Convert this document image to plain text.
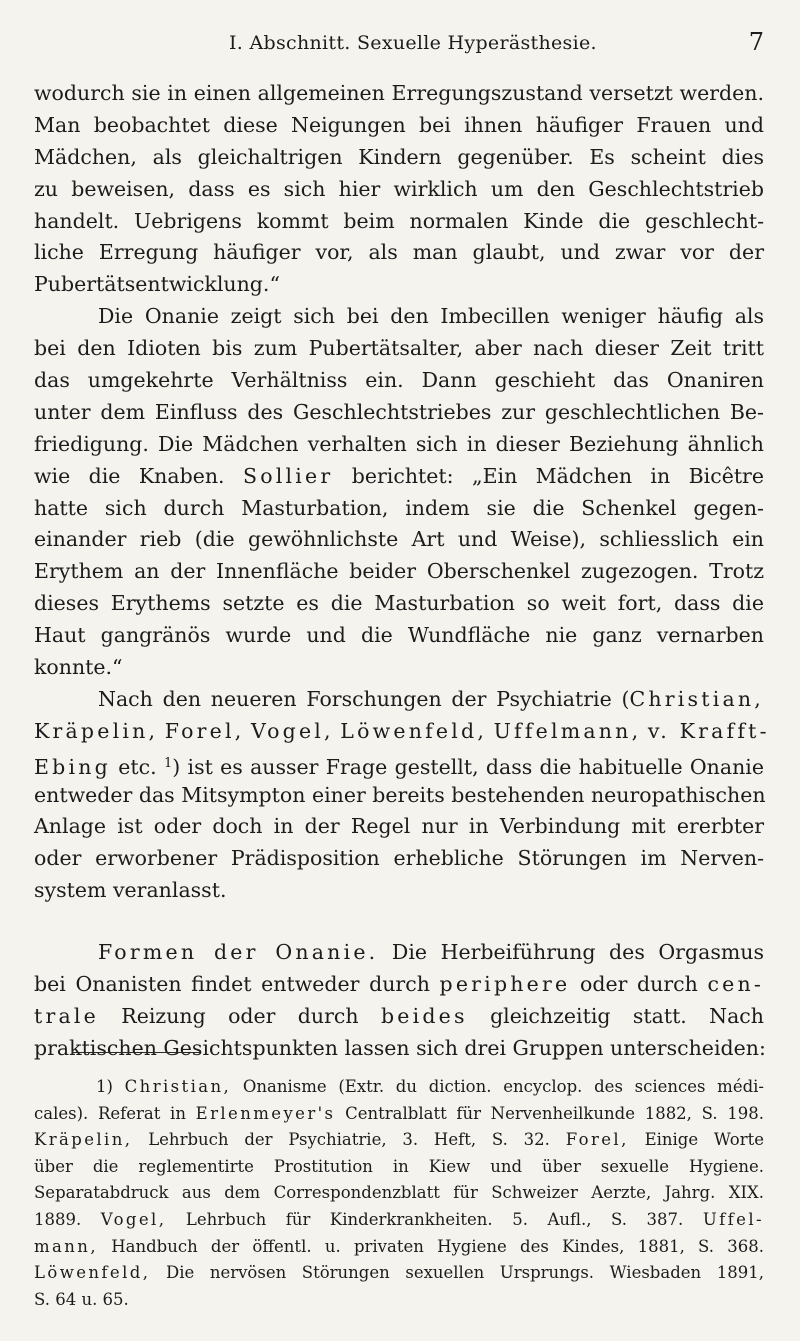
I. Abschnitt. Sexuelle Hyperästhesie.	7
wodurch sie in einen allgemeinen Erregungszustand versetzt werden.
Man beobachtet diese Neigungen bei ihnen häufiger Frauen und
Mädchen, als gleichaltrigen Kindern gegenüber. Es scheint dies
zu beweisen, dass es sich hier wirklich um den Geschlechtstrieb
handelt. Uebrigens kommt beim normalen Kinde die geschlecht-
liche Erregung häufiger vor, als man glaubt, und zwar vor der
Pubertätsentwicklung.“
Die Onanie zeigt sich bei den Imbecillen weniger häufig als
bei den Idioten bis zum Pubertätsalter, aber nach dieser Zeit tritt
das umgekehrte Verhältniss ein. Dann geschieht das Onaniren
unter dem Einfluss des Geschlechtstriebes zur geschlechtlichen Be-
friedigung. Die Mädchen verhalten sich in dieser Beziehung ähnlich
wie die Knaben. Sollier berichtet: „Ein Mädchen in Bicêtre
hatte sich durch Masturbation, indem sie die Schenkel gegen-
einander rieb (die gewöhnlichste Art und Weise), schliesslich ein
Erythem an der Innenfläche beider Oberschenkel zugezogen. Trotz
dieses Erythems setzte es die Masturbation so weit fort, dass die
Haut gangränös wurde und die Wundfläche nie ganz vernarben
konnte.“
Nach den neueren Forschungen der Psychiatrie (Christian,
Kräpelin, Forel, Vogel, Löwenfeld, Uffelmann, v. Krafft-
Ebing etc. $^1$) ist es ausser Frage gestellt, dass die habituelle Onanie
entweder das Mitsympton einer bereits bestehenden neuropathischen
Anlage ist oder doch in der Regel nur in Verbindung mit ererbter
oder erworbener Prädisposition erhebliche Störungen im Nerven-
system veranlasst.
Formen der Onanie. Die Herbeiführung des Orgasmus
bei Onanisten findet entweder durch periphere oder durch cen-
trale Reizung oder durch beides gleichzeitig statt. Nach
praktischen Gesichtspunkten lassen sich drei Gruppen unterscheiden:
1) Christian, Onanisme (Extr. du diction. encyclop. des sciences médi-
cales). Referat in Erlenmeyer's Centralblatt für Nervenheilkunde 1882, S. 198.
Kräpelin, Lehrbuch der Psychiatrie, 3. Heft, S. 32. Forel, Einige Worte
über die reglementirte Prostitution in Kiew und über sexuelle Hygiene.
Separatabdruck aus dem Correspondenzblatt für Schweizer Aerzte, Jahrg. XIX.
1889. Vogel, Lehrbuch für Kinderkrankheiten. 5. Aufl., S. 387. Uffel-
mann, Handbuch der öffentl. u. privaten Hygiene des Kindes, 1881, S. 368.
Löwenfeld, Die nervösen Störungen sexuellen Ursprungs. Wiesbaden 1891,
S. 64 u. 65.
